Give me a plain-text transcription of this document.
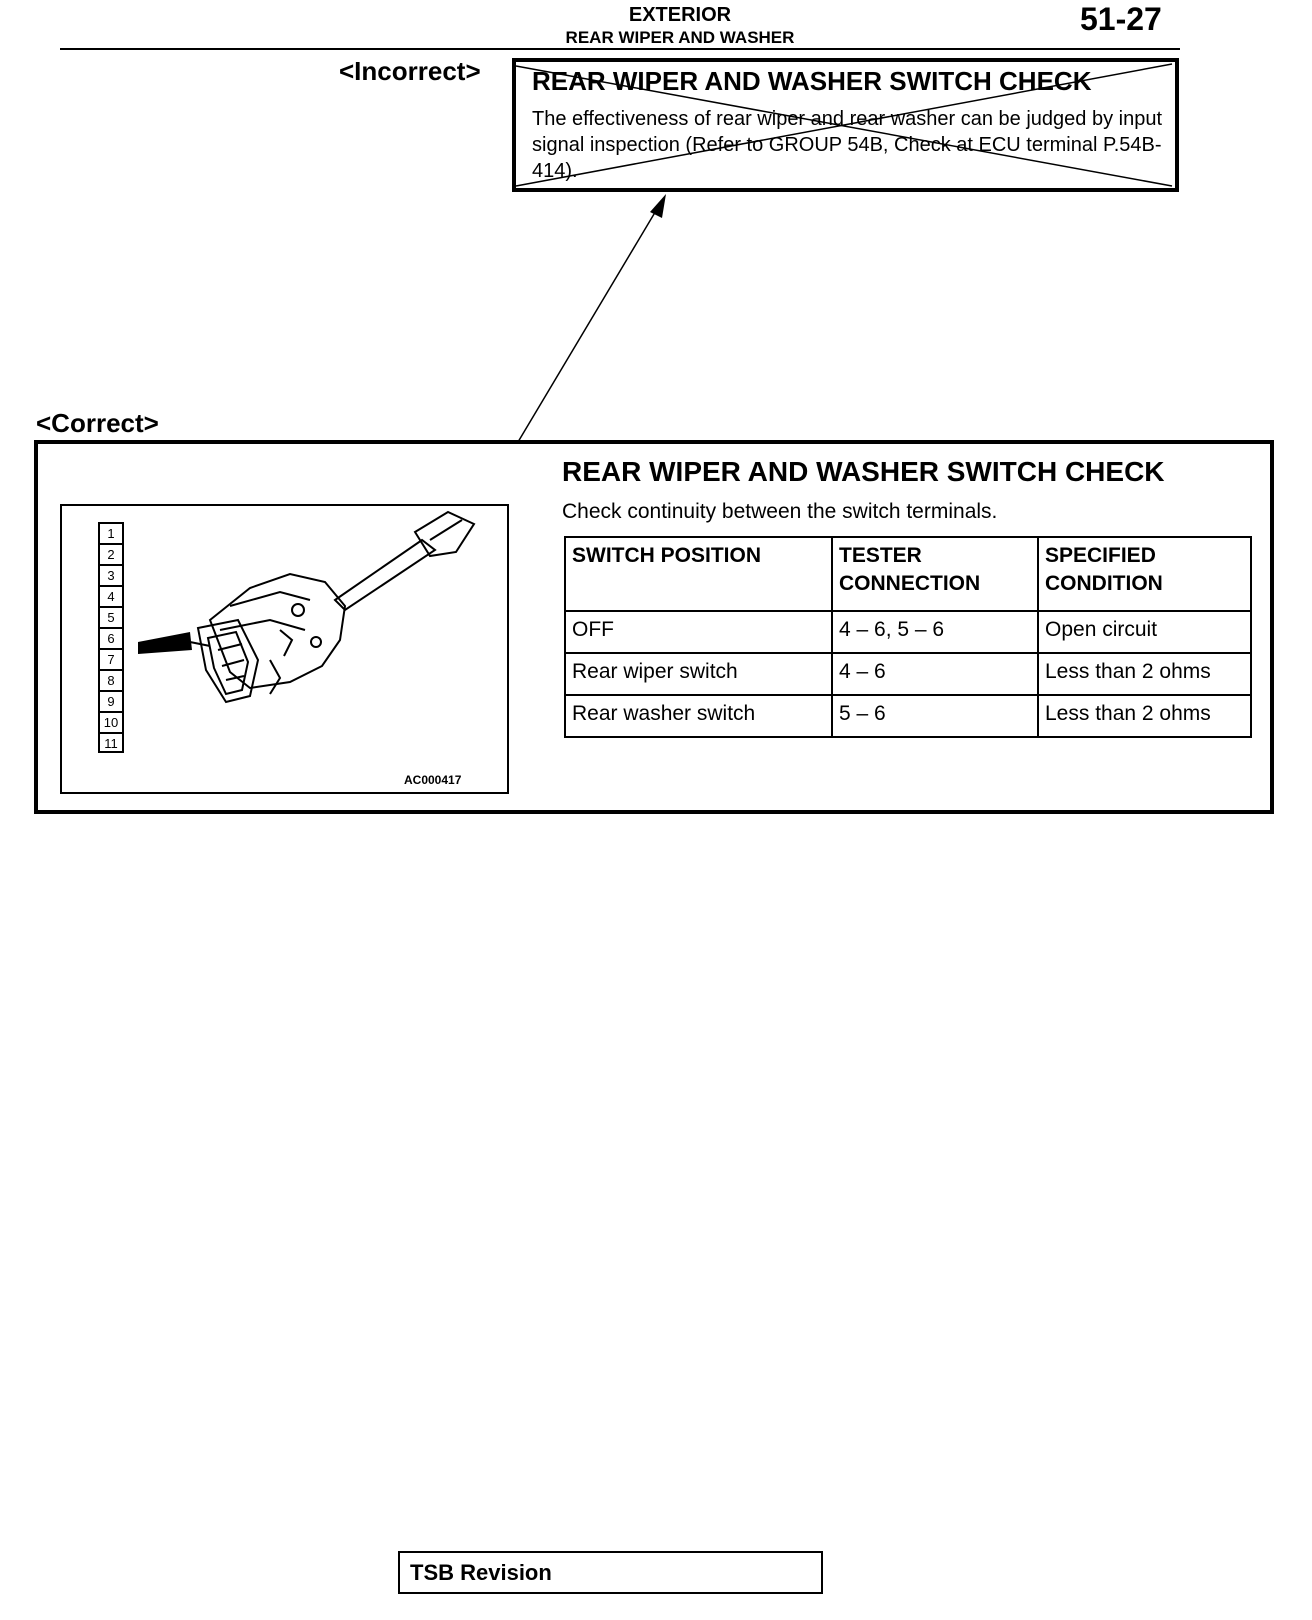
EXTERIOR
REAR WIPER AND WASHER
51-27
<Incorrect> REAR WIPER AND WASHER SWITCH CHECK
The effectiveness of rear wiper and rear washer can be judged by input signal inspection (Refer to GROUP 54B, Check at ECU terminal P.54B-414).
<Correct>
1
2
3
4
5
6
7
8
9
10
11
AC000417
REAR WIPER AND WASHER SWITCH CHECK
Check continuity between the switch terminals.
SWITCH POSITION	TESTER CONNECTION	SPECIFIED CONDITION
OFF	4 – 6, 5 – 6	Open circuit
Rear wiper switch	4 – 6	Less than 2 ohms
Rear washer switch	5 – 6	Less than 2 ohms
TSB Revision
